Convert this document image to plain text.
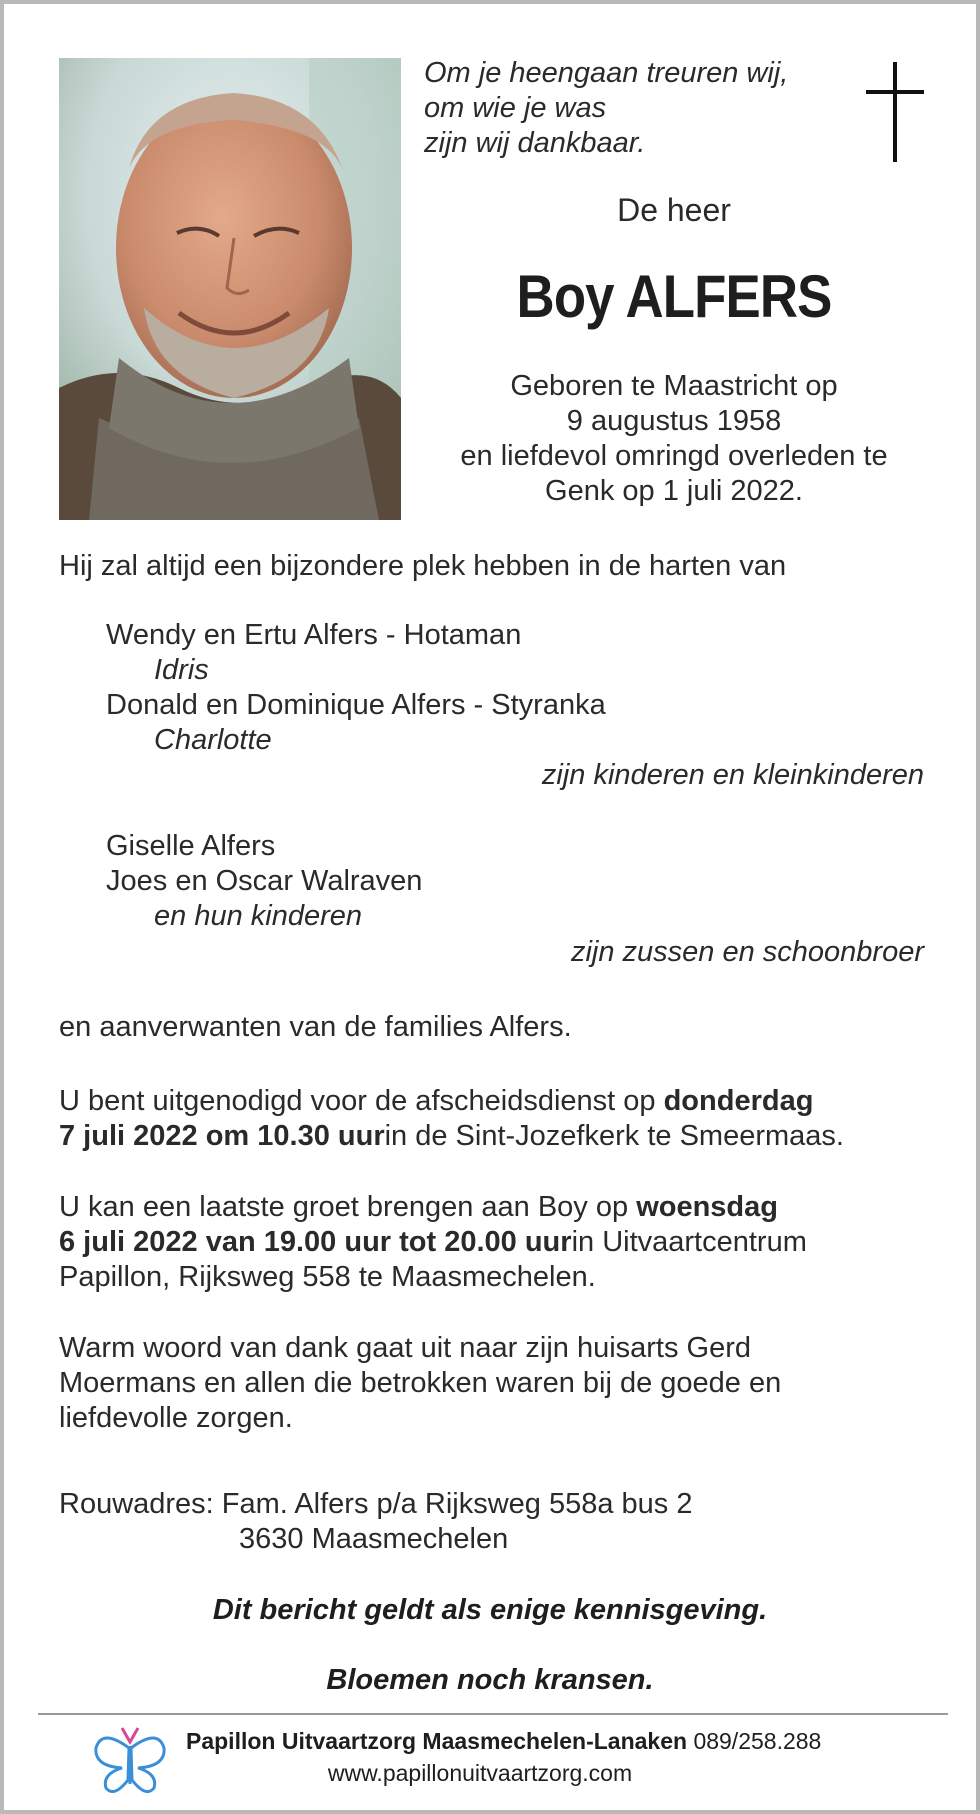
Om je heengaan treuren wij,
om wie je was
zijn wij dankbaar.
De heer
Boy ALFERS
Geboren te Maastricht op
9 augustus 1958
en liefdevol omringd overleden te
Genk op 1 juli 2022.
Hij zal altijd een bijzondere plek hebben in de harten van
Wendy en Ertu Alfers - Hotaman
Idris
Donald en Dominique Alfers - Styranka
Charlotte
zijn kinderen en kleinkinderen
Giselle Alfers
Joes en Oscar Walraven
en hun kinderen
zijn zussen en schoonbroer
en aanverwanten van de families Alfers.
U bent uitgenodigd voor de afscheidsdienst op donderdag
7 juli 2022 om 10.30 uurin de Sint-Jozefkerk te Smeermaas.
U kan een laatste groet brengen aan Boy op woensdag
6 juli 2022 van 19.00 uur tot 20.00 uurin Uitvaartcentrum
Papillon, Rijksweg 558 te Maasmechelen.
Warm woord van dank gaat uit naar zijn huisarts Gerd
Moermans en allen die betrokken waren bij de goede en
liefdevolle zorgen.
Rouwadres: Fam. Alfers p/a Rijksweg 558a bus 2
3630 Maasmechelen
Dit bericht geldt als enige kennisgeving.
Bloemen noch kransen.
Papillon Uitvaartzorg Maasmechelen-Lanaken 089/258.288
www.papillonuitvaartzorg.com
